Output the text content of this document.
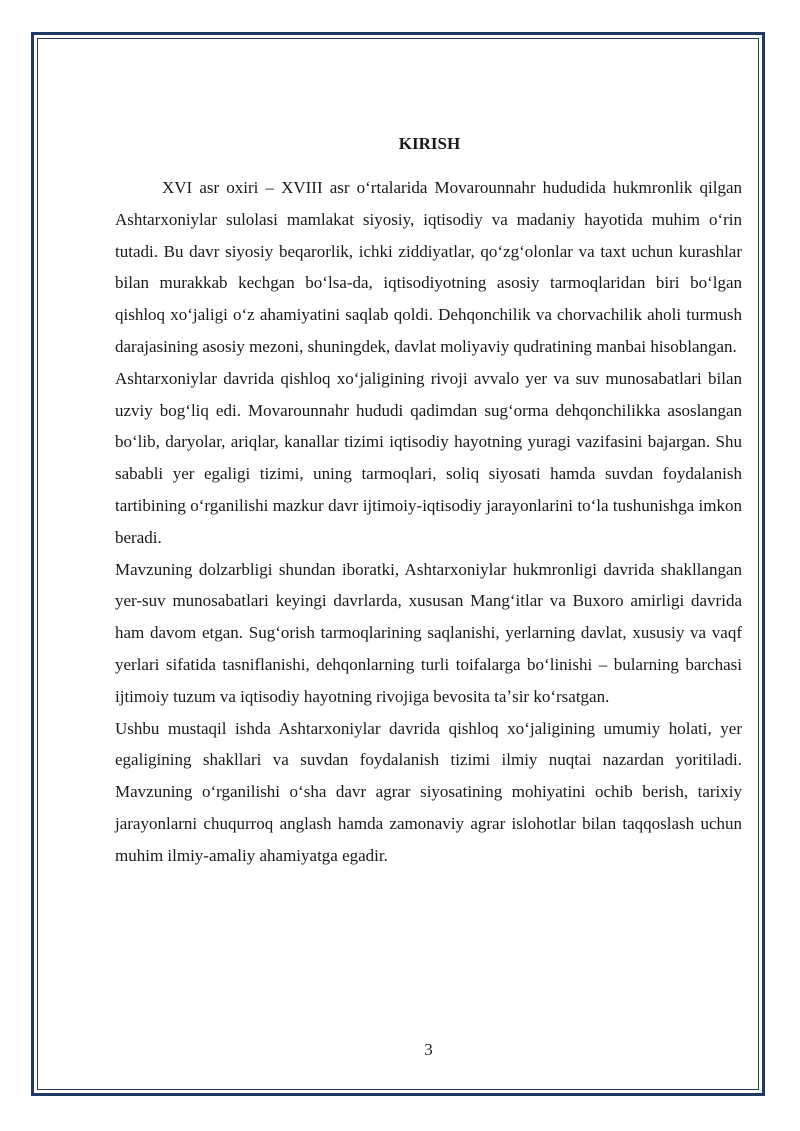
KIRISH

XVI asr oxiri – XVIII asr oʻrtalarida Movarounnahr hududida hukmronlik qilgan Ashtarxoniylar sulolasi mamlakat siyosiy, iqtisodiy va madaniy hayotida muhim oʻrin tutadi. Bu davr siyosiy beqarorlik, ichki ziddiyatlar, qoʻzgʻolonlar va taxt uchun kurashlar bilan murakkab kechgan boʻlsa-da, iqtisodiyotning asosiy tarmoqlaridan biri boʻlgan qishloq xoʻjaligi oʻz ahamiyatini saqlab qoldi. Dehqonchilik va chorvachilik aholi turmush darajasining asosiy mezoni, shuningdek, davlat moliyaviy qudratining manbai hisoblangan.

Ashtarxoniylar davrida qishloq xoʻjaligining rivoji avvalo yer va suv munosabatlari bilan uzviy bogʻliq edi. Movarounnahr hududi qadimdan sugʻorma dehqonchilikka asoslangan boʻlib, daryolar, ariqlar, kanallar tizimi iqtisodiy hayotning yuragi vazifasini bajargan. Shu sababli yer egaligi tizimi, uning tarmoqlari, soliq siyosati hamda suvdan foydalanish tartibining oʻrganilishi mazkur davr ijtimoiy-iqtisodiy jarayonlarini toʻla tushunishga imkon beradi.

Mavzuning dolzarbligi shundan iboratki, Ashtarxoniylar hukmronligi davrida shakllangan yer-suv munosabatlari keyingi davrlarda, xususan Mangʻitlar va Buxoro amirligi davrida ham davom etgan. Sugʻorish tarmoqlarining saqlanishi, yerlarning davlat, xususiy va vaqf yerlari sifatida tasniflanishi, dehqonlarning turli toifalarga boʻlinishi – bularning barchasi ijtimoiy tuzum va iqtisodiy hayotning rivojiga bevosita taʼsir koʻrsatgan.

Ushbu mustaqil ishda Ashtarxoniylar davrida qishloq xoʻjaligining umumiy holati, yer egaligining shakllari va suvdan foydalanish tizimi ilmiy nuqtai nazardan yoritiladi. Mavzuning oʻrganilishi oʻsha davr agrar siyosatining mohiyatini ochib berish, tarixiy jarayonlarni chuqurroq anglash hamda zamonaviy agrar islohotlar bilan taqqoslash uchun muhim ilmiy-amaliy ahamiyatga egadir.

3
